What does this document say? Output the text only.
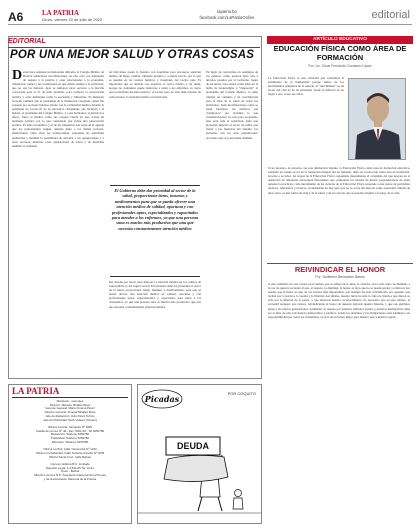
A6	LA PATRIA
Oruro, viernes 15 de julio de 2022
lapatria.bo
facebook.com/LaPatriaOnline	editorial
EDITORIAL
POR UNA MEJOR SALUD Y OTRAS COSAS
D esde hace semanas profesionales afiliados al Colegio Médico de Bolivia anunciaron movilizaciones, en este caso con demandas de respeto a la justicia y otras relacionadas a la economía, tributación, tomas y las condiciones en que deben atender a la población, que no son las mejores. Ayer se sumaron otros sectores a la marcha convocada para el 21 de julio próximo, para rechazar la persecución política y otras demandas como la economía y tributarias. Es menester recordar también que el presidente de la institución colegiada, quien fue acusado por su modo haberse alzado con la comunidad médica durante la pandemia de Covid-19. Al no encontrar ciertamente que incluyen a la Iglesia, al presidente del Colegio Médico, y a sus hermanos, la justicia los libera. Tanto el médico como sus colegas vieron en esta acción un elemento político por lo que consideran que existe una persecución política. El tema económico y el de los impuestos son parte de la agenda que los profesionales exigen, quienes junto a los demás sectores, instituciones, entre ellos los transportistas, respaldan las demandas planteadas y también la posibilidad de articular a las agrupaciones y a otros sectores, mientras otras reparticiones de salud y de medicina también se sumarán.
de bolivianos pasan la frontera con Argentina para proveerse atención médica de mejor calidad, sabiendo gratuito o a menor precio, por lo que se quedan en los centros médicos y hospitales del vecino país. Es importante que se atienda con urgencia al sector médico y de salud, porque no cualquiera puede dedicarse a sanar a los enfermos, es cierto que la medicina necesita pasión y vocación; pero no sólo debe dotarse, de todos modos, la atención médica convencional.
El Gobierno debe dar prioridad al sector de la salud, proporcionar ítems, insumos y medicamentos para que se pueda ofrecer una atención médica de calidad, oportuna y con profesionales aptos, especializados y capacitados para atender a los enfermos, ya que una persona sana es mucho más productiva que una que necesita constantemente atención médica
hay mucho por hacer para mejorar la atención médica en los centros de salud pública y del seguro social. El Gobierno debe dar prioridad al sector de la salud, proporcionar ítems, insumos y medicamentos para que se pueda ofrecer una atención médica de calidad, oportuna y con profesionales aptos, especializados y capacitados para sanar a los ciudadanos, ya que una persona sana es mucho más productiva que una que necesita constantemente atención médica.
En lugar de convertirse en enemigos de los galenos, como pasaron hace seis a décadas pasadas por el Gobierno, luego de encontrar todo estaba como debe ser la habla de desprestigiar y "despreciar" al presidente del Colegio Médico, se debe trabajar en conjunto y en coordinación para el bien de la salud de todos los bolivianos. Sean movilizaciones como se están haciendo, los médicos son "peligrosos" por reclamar lo que consideran justo, no solo para su gremio, sino para toda la población, dado que proponen mejoras al sector de salud, que frente a las falencias del sistema, los pacientes son los más perjudicados. Acciones que sí se necesitan también.
ARTÍCULO EDUCATIVO
EDUCACIÓN FÍSICA COMO ÁREA DE FORMACIÓN
Por: Lic. Omar Fernando Condarco López
La Educación Física es una actividad que contribuye al patrimonio de la humanidad porque dentro de los movimientos primarios de la especie, el "movimiento" es un factor del cual se ha de garantizar desde la infancia de no llegar a otro ocaso sus vidas.
Si un pretexto, de acuerdo con esta afirmación vigente, la Educación Física como área de formación educativa, tomando en cuenta su rol en la formación integral del ser humano, debe ser reconocida como área de formación. Gracias a su labor, las etapas de la Educación Física responden, dependiendo el contenido del que apoyen en el desarrollo de diferentes estructuras funcionales que componen los niveles de mayor preponderancia de entre quienes la practican, cada movimiento de las ciencias de la Educación Física responde a una suerte de problemas técnicos, educativos y técnicos. Actualmente no hay pero que no se acoja del deporte como expresión cultural de unos seres, es una forma de vida y de la salud, y de los valores que se pueden adquirir a lo largo de la vida.
REIVINDICAR EL HONOR
Por: Guillermo Benavides Illanes
A este comienzo de este verano en el tiempo que se refleja en el amor, el carácter, en la vida como ser humano, a la voz de nuestra sociedad el que, el respeto, la dignidad, la honra, es algo que no se puede perder. La historia nos enseña que el honor es uno de los valores más importantes, que siempre ha sido reivindicado por aquellos que luchan por la justicia, la verdad y la libertad. Así mismo, nuestra tierra ha sido la cuna de muchos que dieron su vida por la libertad de la patria, y que merecen nuestro reconocimiento. Es necesario que en este tiempo, la sociedad recupere sus valores, reivindicando el honor de quienes forjaron nuestra historia, y que sus ejemplos guíen a las nuevas generaciones. Asimismo, el respeto por nuestros símbolos patrios y nuestras instituciones debe ser el pilar de una convivencia democrática y pacífica, donde los derechos y las obligaciones sean asumidos con responsabilidad por todos los ciudadanos, en aras de un futuro mejor para nuestro país y nuestra región.
LA PATRIA
Directorio - Gerentes
Director: Marcelo Miralles Bova
Gerente General: Maria Ximena Pérez
Director General: Ximena Miralles Bova
Jefe de Redacción: Julio Pérez Torrico
Jefe de Publicidad: Ruth Velasco Vizcarra

Oficina Central: Camacho Nº 1892
Casilla de Correo Nº 48 - Fax: 5251-26 - Tel 5250780
Redacción: Teléfono 5250780
Publicidad: Teléfono 5250780
Dirección: Teléfono 5250780

Oficina La Paz: Calle Yanacocha Nº 1233
Oficina Cochabamba: Calle Teniente Arévalo Nº 0235
Oficina Santa Cruz: Calle Bolívar

Impreso: Editora B.C. Limitada
Depósito Legal: 4-3-611-05 Tel. Oruro
Oruro - Bolivia
Miembro de la A.N.P., Asociación Nacional de la Prensa
y de la Asociación Nacional de la Prensa
Picadas
POR COQUITO
DEUDA
